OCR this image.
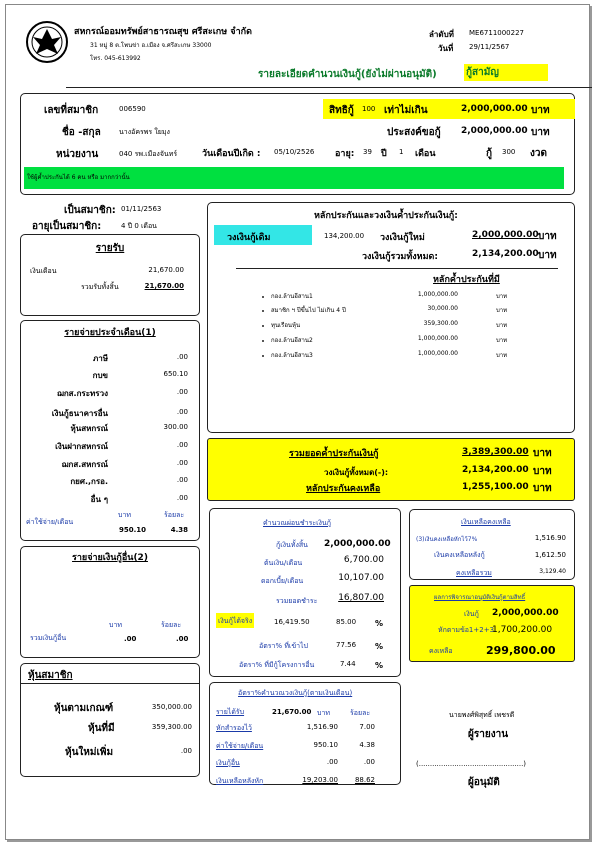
สหกรณ์ออมทรัพย์สาธารณสุข ศรีสะเกษ จำกัด
31 หมู่ 8 ต.โพนข่า อ.เมือง จ.ศรีสะเกษ 33000
โทร. 045-613992
ลำดับที่ ME6711000227
วันที่ 29/11/2567
รายละเอียดคำนวนเงินกู้(ยังไม่ผ่านอนุมัติ)	กู้สามัญ
เลขที่สมาชิก	006590
ชื่อ -สกุล	นางอัครพร ใยมุง
หน่วยงาน	040 รพ.เมืองจันทร์	วันเดือนปีเกิด : 05/10/2526 อายุ: 39 ปี 1 เดือน
สิทธิกู้ 100 เท่าไม่เกิน	2,000,000.00 บาท
ประสงค์ขอกู้ 2,000,000.00 บาท
กู้ 300 งวด
ใช้ผู้ค้ำประกันได้ 6 คน หรือ มากกว่านั้น
เป็นสมาชิก: 01/11/2563
อายุเป็นสมาชิก:	4 ปี 0 เดือน
รายรับ
เงินเดือน	21,670.00
รวมรับทั้งสิ้น	21,670.00
รายจ่ายประจำเดือน(1)
ภาษี	.00
กบข	650.10
ฌกส.กระทรวง	.00
เงินกู้ธนาคารอื่น	.00
หุ้นสหกรณ์	300.00
เงินฝากสหกรณ์	.00
ฌกส.สหกรณ์	.00
กยศ.,กรอ.	.00
อื่น ๆ	.00
ค่าใช้จ่าย/เดือน
บาท	ร้อยละ
950.10	4.38
รายจ่ายเงินกู้อื่น(2)
บาท	ร้อยละ
รวมเงินกู้อื่น	.00	.00
หุ้นสมาชิก
หุ้นตามเกณฑ์	350,000.00
หุ้นที่มี	359,300.00
หุ้นใหม่เพิ่ม	.00
หลักประกันและวงเงินค้ำประกันเงินกู้:
วงเงินกู้เดิม	134,200.00 วงเงินกู้ใหม่	2,000,000.00 บาท
วงเงินกู้รวมทั้งหมด:	2,134,200.00 บาท
หลักค้ำประกันที่มี
กอง.ล้านอีสาน1	1,000,000.00	บาท
สมาชิก ฯ ปีขึ้นไป ไม่เกิน 4 ปี	30,000.00	บาท
ทุนเรือนหุ้น	359,300.00	บาท
กอง.ล้านอีสาน2	1,000,000.00	บาท
กอง.ล้านอีสาน3	1,000,000.00	บาท
รวมยอดค้ำประกันเงินกู้	3,389,300.00 บาท
วงเงินกู้ทั้งหมด(-):	2,134,200.00 บาท
หลักประกันคงเหลือ	1,255,100.00 บาท
คำนวณผ่อนชำระเงินกู้
กู้เงินทั้งสิ้น 2,000,000.00
ต้นเงิน/เดือน	6,700.00
ดอกเบี้ย/เดือน	10,107.00
รวมยอดชำระ	16,807.00
เงินกู้ได้จริง	16,419.50	85.00 %
อัตรา% ที่เข้าไป	77.56 %
อัตรา% ที่มีกู้โครงการอื่น	7.44 %
เงินเหลือคงเหลือ
(3)เงินคงเหลือหักไว้7%	1,516.90
เงินคงเหลือหลังกู้	1,612.50
คงเหลือรวม	3,129.40
ผลการพิจารณาอนุมัติเงินกู้ตามสิทธิ์
เงินกู้ 2,000,000.00
หักตามข้อ1+2+3
1,700,200.00
คงเหลือ	299,800.00
อัตรา%คำนวณวงเงินกู้(ตามเงินเดือน)
รายได้รับ	21,670.00 บาท	ร้อยละ
หักสำรองไว้	1,516.90	7.00
ค่าใช้จ่าย/เดือน	950.10	4.38
เงินกู้อื่น	.00	.00
เงินเหลือหลังหัก	19,203.00	88.62
นายพงศ์พิสุทธิ์ เพชรดี
ผู้รายงาน
(...............................................)
ผู้อนุมัติ
